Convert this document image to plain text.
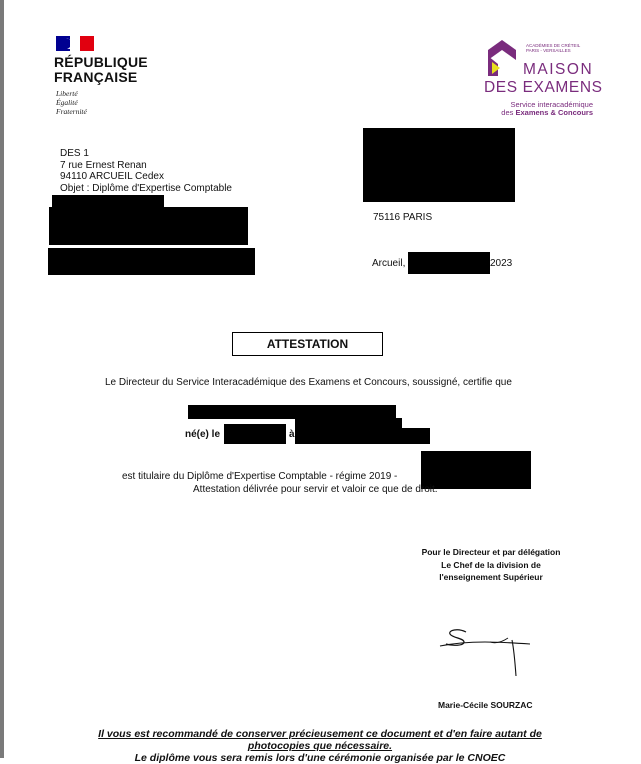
RÉPUBLIQUE
FRANÇAISE
Liberté
Égalité
Fraternité
ACADÉMIES DE CRÉTEIL
PARIS - VERSAILLES
MAISON
DES EXAMENS
Service interacadémique
des Examens & Concours
DES 1
7 rue Ernest Renan
94110 ARCUEIL Cedex
Objet : Diplôme d'Expertise Comptable
75116 PARIS
Arcueil,	2023
ATTESTATION
Le Directeur du Service Interacadémique des Examens et Concours, soussigné, certifie que
né(e) le	à
est titulaire du Diplôme d'Expertise Comptable - régime 2019 -
Attestation délivrée pour servir et valoir ce que de droit.
Pour le Directeur et par délégation
Le Chef de la division de
l'enseignement Supérieur
Marie-Cécile SOURZAC
Il vous est recommandé de conserver précieusement ce document et d'en faire autant de
photocopies que nécessaire.
Le diplôme vous sera remis lors d'une cérémonie organisée par le CNOEC
